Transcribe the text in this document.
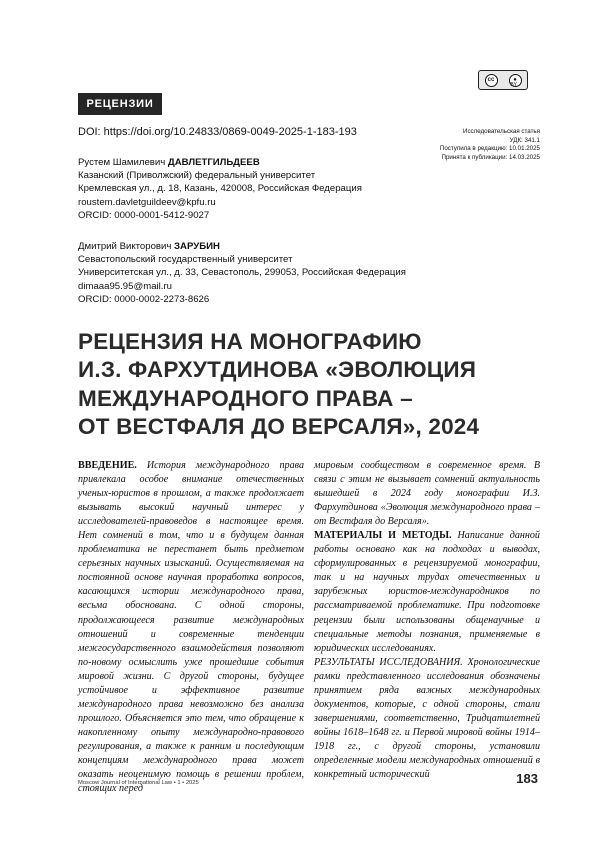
cc	●
BY
РЕЦЕНЗИИ
DOI: https://doi.org/10.24833/0869-0049-2025-1-183-193	Исследовательская статья
УДК: 341.1
Поступила в редакцию: 10.01.2025
Принята к публикации: 14.03.2025
Рустем Шамилевич ДАВЛЕТГИЛЬДЕЕВ
Казанский (Приволжский) федеральный университет
Кремлевская ул., д. 18, Казань, 420008, Российская Федерация
roustem.davletguildeev@kpfu.ru
ORCID: 0000-0001-5412-9027
Дмитрий Викторович ЗАРУБИН
Севастопольский государственный университет
Университетская ул., д. 33, Севастополь, 299053, Российская Федерация
dimaaa95.95@mail.ru
ORCID: 0000-0002-2273-8626
РЕЦЕНЗИЯ НА МОНОГРАФИЮ
И.З. ФАРХУТДИНОВА «ЭВОЛЮЦИЯ
МЕЖДУНАРОДНОГО ПРАВА –
ОТ ВЕСТФАЛЯ ДО ВЕРСАЛЯ», 2024

ВВЕДЕНИЕ. История международного права привлекала особое внимание отечественных ученых-юристов в прошлом, а также продолжает вызывать высокий научный интерес у исследователей-правоведов в настоящее время. Нет сомнений в том, что и в будущем данная проблематика не перестанет быть предметом серьезных научных изысканий. Осуществляемая на постоянной основе научная проработка вопросов, касающихся истории международного права, весьма обоснована. С одной стороны, продолжающееся развитие международных отношений и современные тенденции межгосударственного взаимодействия позволяют по-новому осмыслить уже прошедшие события мировой жизни. С другой стороны, будущее устойчивое и эффективное развитие международного права невозможно без анализа прошлого. Объясняется это тем, что обращение к накопленному опыту международно-правового регулирования, а также к ранним и последующим концепциям международного права может оказать неоценимую помощь в решении проблем, стоящих перед

мировым сообществом в современное время. В связи с этим не вызывает сомнений актуальность вышедшей в 2024 году монографии И.З. Фархутдинова «Эволюция международного права – от Вестфаля до Версаля».

МАТЕРИАЛЫ И МЕТОДЫ. Написание данной работы основано как на подходах и выводах, сформулированных в рецензируемой монографии, так и на научных трудах отечественных и зарубежных юристов-международников по рассматриваемой проблематике. При подготовке рецензии были использованы общенаучные и специальные методы познания, применяемые в юридических исследованиях.

РЕЗУЛЬТАТЫ ИССЛЕДОВАНИЯ. Хронологические рамки представленного исследования обозначены принятием ряда важных международных документов, которые, с одной стороны, стали завершениями, соответственно, Тридцатилетней войны 1618–1648 гг. и Первой мировой войны 1914–1918 гг., с другой стороны, установили определенные модели международных отношений в конкретный исторический

Moscow Journal of International Law • 1 • 2025	183
